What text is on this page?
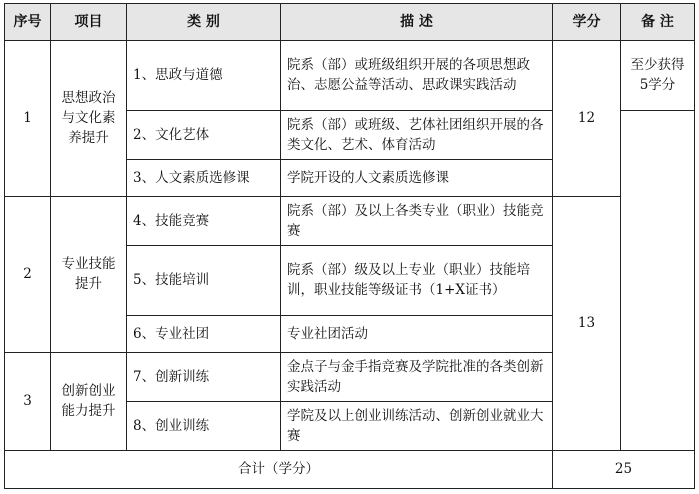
序号	项目	类 别	描 述	学分	备 注
1	思想政治与文化素养提升	1、思政与道德	院系（部）或班级组织开展的各项思想政治、志愿公益等活动、思政课实践活动	12	至少获得5学分
		2、文化艺体	院系（部）或班级、艺体社团组织开展的各类文化、艺术、体育活动		
		3、人文素质选修课	学院开设的人文素质选修课		
2	专业技能提升	4、技能竞赛	院系（部）及以上各类专业（职业）技能竞赛	13	
		5、技能培训	院系（部）级及以上专业（职业）技能培训，职业技能等级证书（1+X证书）		
		6、专业社团	专业社团活动		
3	创新创业能力提升	7、创新训练	金点子与金手指竞赛及学院批准的各类创新实践活动		
		8、创业训练	学院及以上创业训练活动、创新创业就业大赛		
合计（学分）				25	
